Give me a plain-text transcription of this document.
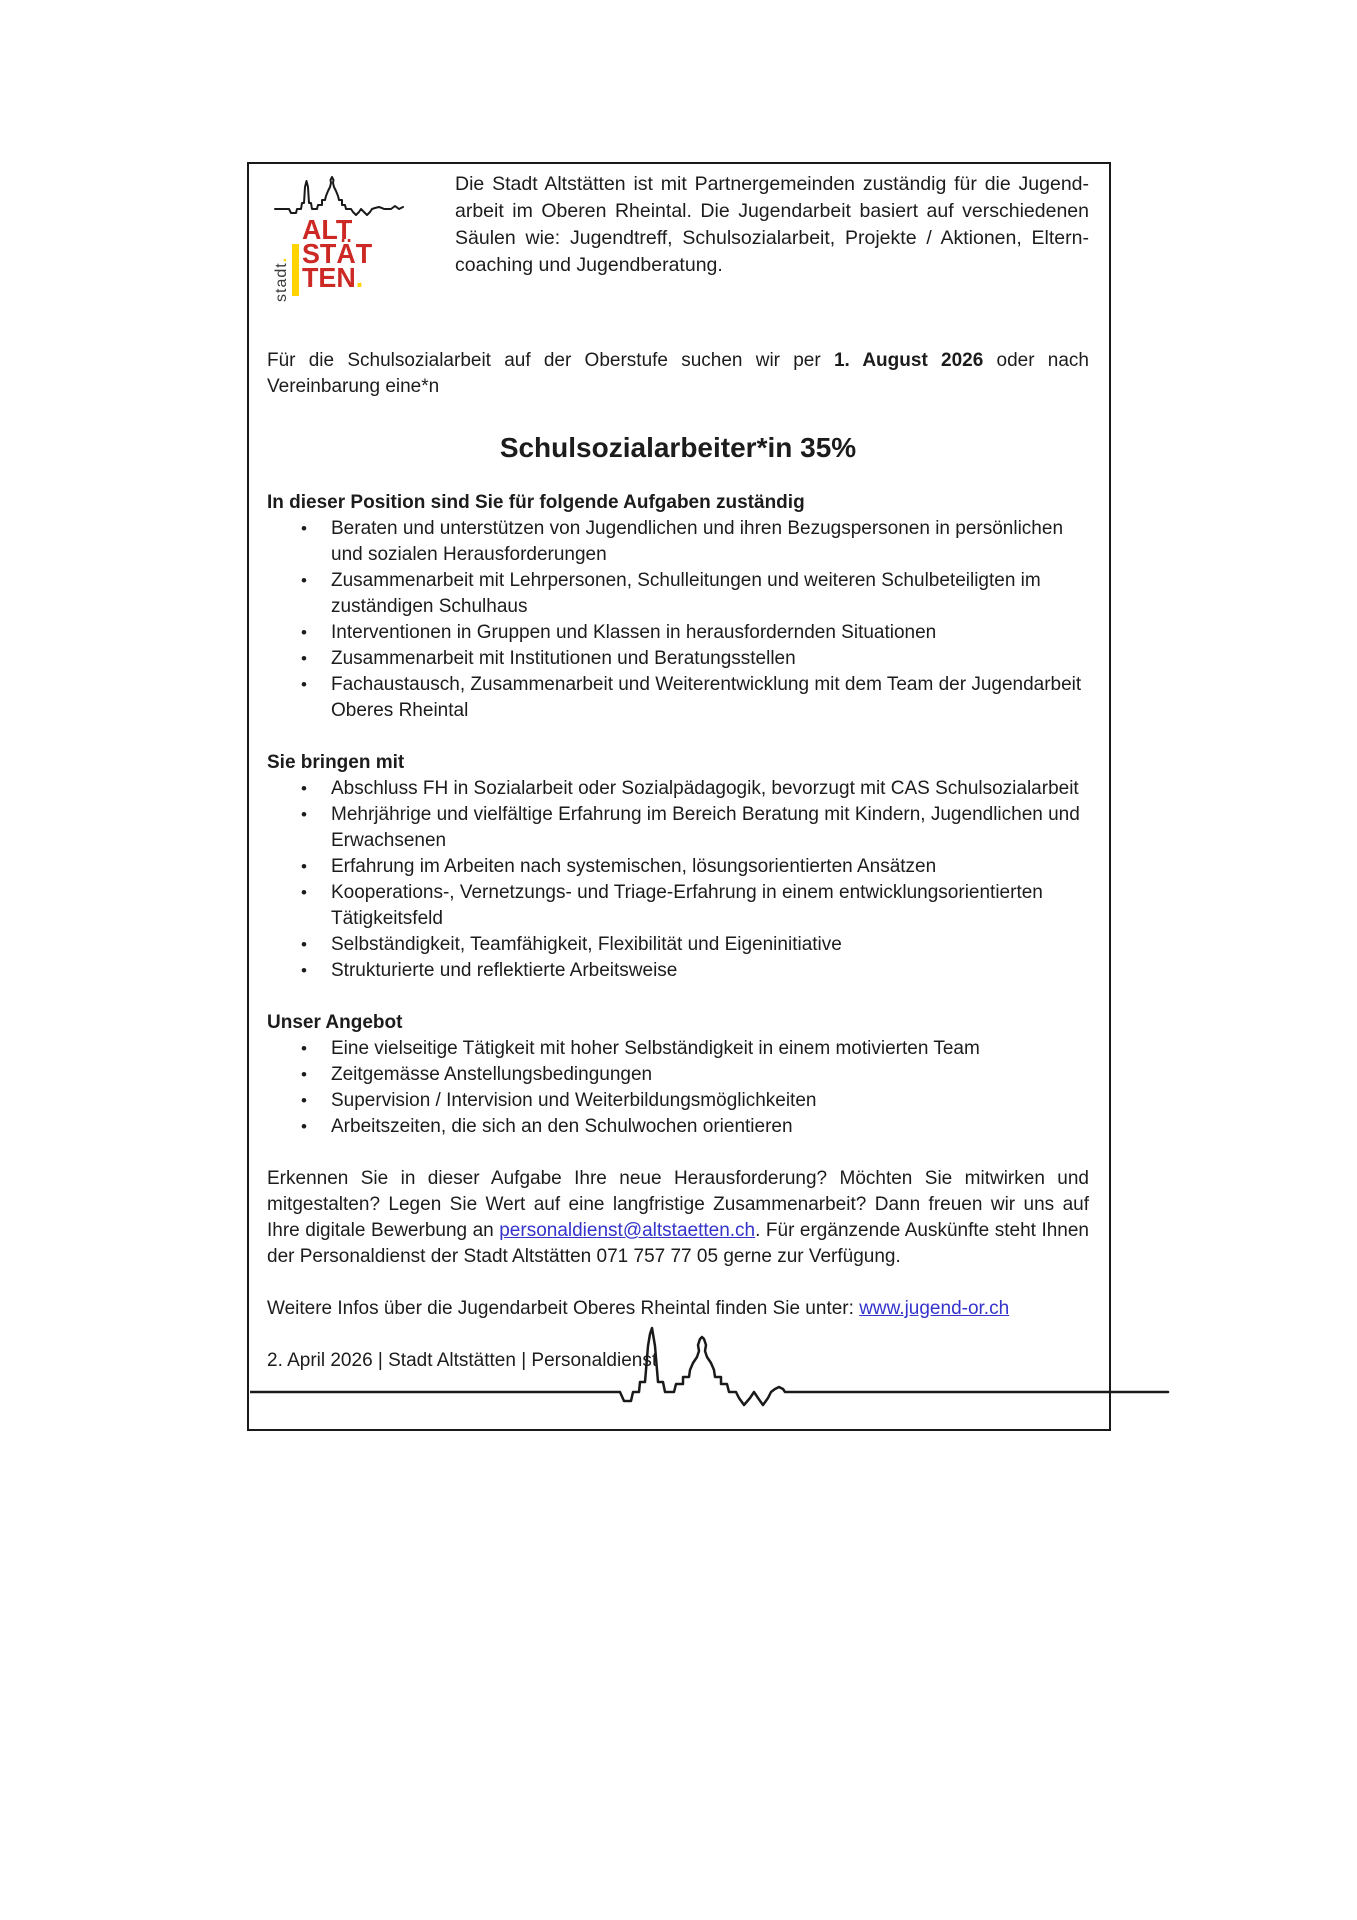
stadt.
ALT
STÄT
TEN.
Die Stadt Altstätten ist mit Partnergemeinden zuständig für die Jugend-
arbeit im Oberen Rheintal. Die Jugendarbeit basiert auf verschiedenen
Säulen wie: Jugendtreff, Schulsozialarbeit, Projekte / Aktionen, Eltern-
coaching und Jugendberatung.

Für die Schulsozialarbeit auf der Oberstufe suchen wir per 1. August 2026 oder nach Vereinbarung eine*n

Schulsozialarbeiter*in 35%
In dieser Position sind Sie für folgende Aufgaben zuständig
• Beraten und unterstützen von Jugendlichen und ihren Bezugspersonen in persönlichen und sozialen Herausforderungen
• Zusammenarbeit mit Lehrpersonen, Schulleitungen und weiteren Schulbeteiligten im zuständigen Schulhaus
• Interventionen in Gruppen und Klassen in herausfordernden Situationen
• Zusammenarbeit mit Institutionen und Beratungsstellen
• Fachaustausch, Zusammenarbeit und Weiterentwicklung mit dem Team der Jugendarbeit Oberes Rheintal
Sie bringen mit
• Abschluss FH in Sozialarbeit oder Sozialpädagogik, bevorzugt mit CAS Schulsozialarbeit
• Mehrjährige und vielfältige Erfahrung im Bereich Beratung mit Kindern, Jugendlichen und Erwachsenen
• Erfahrung im Arbeiten nach systemischen, lösungsorientierten Ansätzen
• Kooperations-, Vernetzungs- und Triage-Erfahrung in einem entwicklungsorientierten Tätigkeitsfeld
• Selbständigkeit, Teamfähigkeit, Flexibilität und Eigeninitiative
• Strukturierte und reflektierte Arbeitsweise
Unser Angebot
• Eine vielseitige Tätigkeit mit hoher Selbständigkeit in einem motivierten Team
• Zeitgemässe Anstellungsbedingungen
• Supervision / Intervision und Weiterbildungsmöglichkeiten
• Arbeitszeiten, die sich an den Schulwochen orientieren

Erkennen Sie in dieser Aufgabe Ihre neue Herausforderung? Möchten Sie mitwirken und mitgestalten? Legen Sie Wert auf eine langfristige Zusammenarbeit? Dann freuen wir uns auf Ihre digitale Bewerbung an personaldienst@altstaetten.ch. Für ergänzende Auskünfte steht Ihnen der Personaldienst der Stadt Altstätten 071 757 77 05 gerne zur Verfügung.

Weitere Infos über die Jugendarbeit Oberes Rheintal finden Sie unter: www.jugend-or.ch

2. April 2026 | Stadt Altstätten | Personaldienst
